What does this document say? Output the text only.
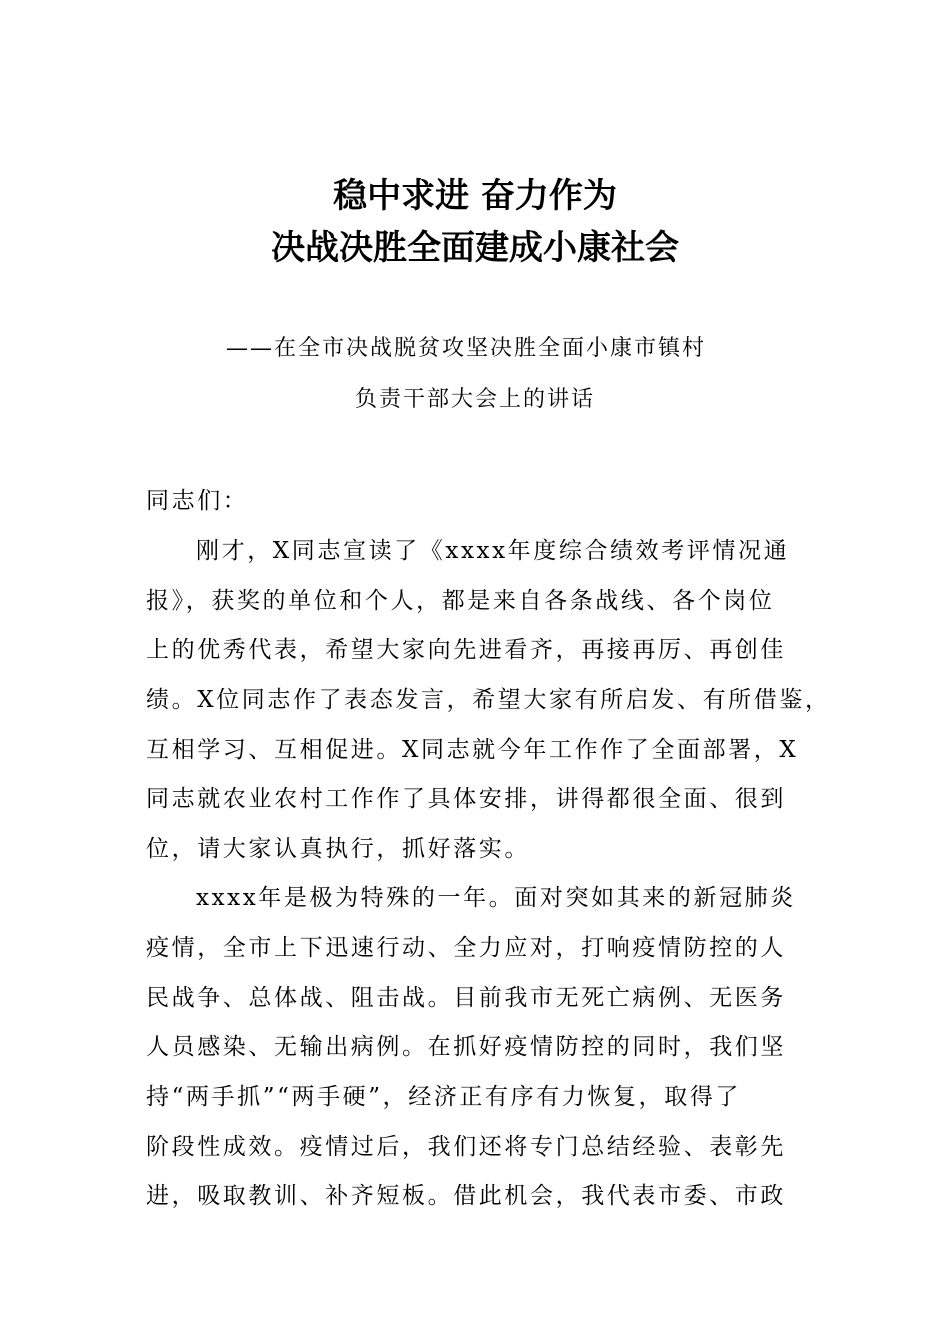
稳中求进 奋力作为
决战决胜全面建成小康社会
——在全市决战脱贫攻坚决胜全面小康市镇村
负责干部大会上的讲话
同志们：
刚才，X同志宣读了《xxxx年度综合绩效考评情况通
报》，获奖的单位和个人，都是来自各条战线、各个岗位
上的优秀代表，希望大家向先进看齐，再接再厉、再创佳
绩。X位同志作了表态发言，希望大家有所启发、有所借鉴，
互相学习、互相促进。X同志就今年工作作了全面部署，X
同志就农业农村工作作了具体安排，讲得都很全面、很到
位，请大家认真执行，抓好落实。
xxxx年是极为特殊的一年。面对突如其来的新冠肺炎
疫情，全市上下迅速行动、全力应对，打响疫情防控的人
民战争、总体战、阻击战。目前我市无死亡病例、无医务
人员感染、无输出病例。在抓好疫情防控的同时，我们坚
持“两手抓”“两手硬”，经济正有序有力恢复，取得了
阶段性成效。疫情过后，我们还将专门总结经验、表彰先
进，吸取教训、补齐短板。借此机会，我代表市委、市政
